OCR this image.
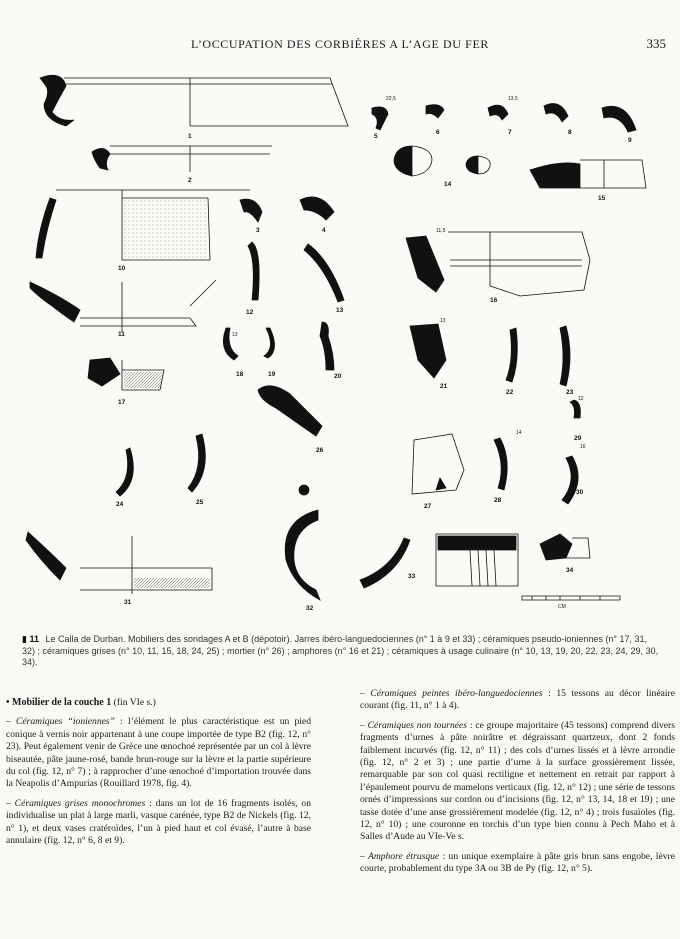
L’OCCUPATION DES CORBIÈRES A L’AGE DU FER	335
1
2
3	4
5
6	7	8
9
10
11
12	13
14
15
16
17
18	19	20
21
22	23
24	25
26
27
28
29
30
31
32
33
34
22,5	13,5
13
11,5
13
14
12
16
CM
▮ 11 Le Calla de Durban. Mobiliers des sondages A et B (dépotoir). Jarres ibéro-languedociennes (n° 1 à 9 et 33) ; céramiques pseudo-ioniennes (n° 17, 31, 32) ; céramiques grises (n° 10, 11, 15, 18, 24, 25) ; mortier (n° 26) ; amphores (n° 16 et 21) ; céramiques à usage culinaire (n° 10, 13, 19, 20, 22, 23, 24, 29, 30, 34).

• Mobilier de la couche 1 (fin VIe s.)

– Céramiques “ioniennes” : l’élément le plus caractéristique est un pied conique à vernis noir appartenant à une coupe importée de type B2 (fig. 12, n° 23). Peut également venir de Grèce une œnochoé représentée par un col à lèvre biseautée, pâte jaune-rosé, bande brun-rouge sur la lèvre et la partie supérieure du col (fig. 12, n° 7) ; à rapprocher d’une œnochoé d’importation trouvée dans la Neapolis d’Ampurias (Rouillard 1978, fig. 4).

– Céramiques grises monochromes : dans un lot de 16 fragments isolés, on individualise un plat à large marli, vasque carénée, type B2 de Nickels (fig. 12, n° 1), et deux vases cratéroïdes, l’un à pied haut et col évasé, l’autre à base annulaire (fig. 12, n° 6, 8 et 9).

– Céramiques peintes ibéro-languedociennes : 15 tessons au décor linéaire courant (fig. 11, n° 1 à 4).

– Céramiques non tournées : ce groupe majoritaire (45 tessons) comprend divers fragments d’urnes à pâte noirâtre et dégraissant quartzeux, dont 2 fonds faiblement incurvés (fig. 12, n° 11) ; des cols d’urnes lissés et à lèvre arrondie (fig. 12, n° 2 et 3) ; une partie d’urne à la surface grossièrement lissée, remarquable par son col quasi rectiligne et nettement en retrait par rapport à l’épaulement pourvu de mamelons verticaux (fig. 12, n° 12) ; une série de tessons ornés d’impressions sur cordon ou d’incisions (fig. 12, n° 13, 14, 18 et 19) ; une tasse dotée d’une anse grossièrement modelée (fig. 12, n° 4) ; trois fusaïoles (fig. 12, n° 10) ; une couronne en torchis d’un type bien connu à Pech Maho et à Salles d’Aude au VIe-Ve s.

– Amphore étrusque : un unique exemplaire à pâte gris brun sans engobe, lèvre courte, probablement du type 3A ou 3B de Py (fig. 12, n° 5).
